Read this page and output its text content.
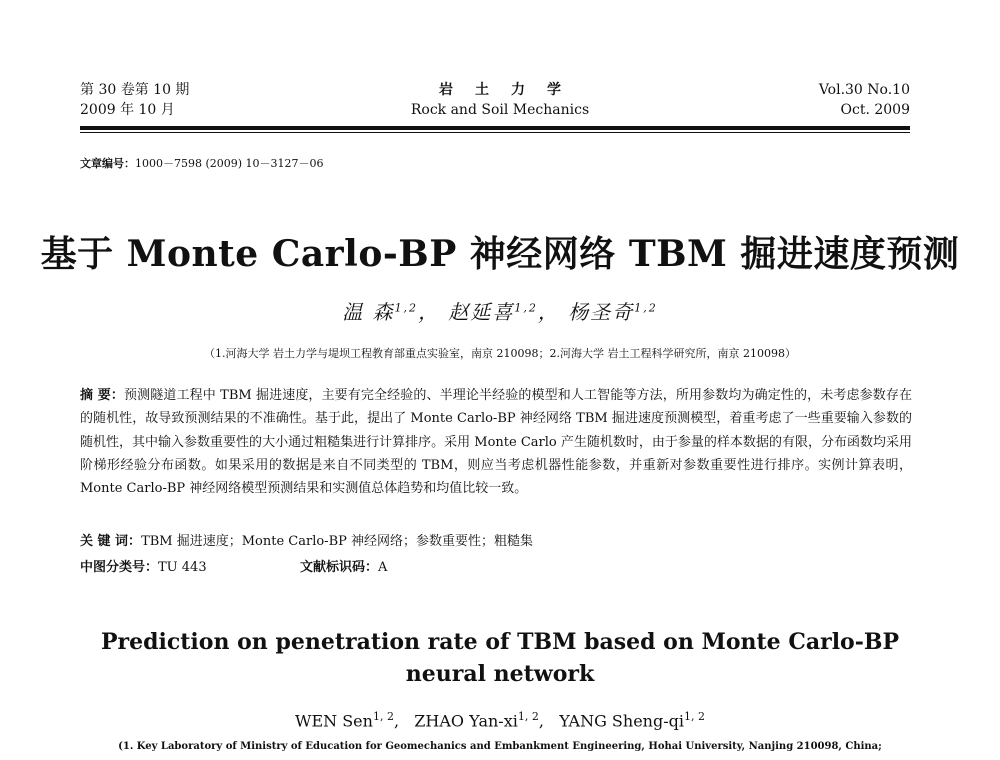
第 30 卷第 10 期
2009 年 10 月
岩土力学
Rock and Soil Mechanics
Vol.30 No.10
Oct. 2009
文章编号：1000－7598 (2009) 10－3127－06
基于 Monte Carlo-BP 神经网络 TBM 掘进速度预测
温 森$^{1,2}$， 赵延喜$^{1,2}$， 杨圣奇$^{1,2}$
（1.河海大学 岩土力学与堤坝工程教育部重点实验室，南京 210098；2.河海大学 岩土工程科学研究所，南京 210098）
摘 要：预测隧道工程中 TBM 掘进速度，主要有完全经验的、半理论半经验的模型和人工智能等方法，所用参数均为确定性的，未考虑参数存在的随机性，故导致预测结果的不准确性。基于此，提出了 Monte Carlo-BP 神经网络 TBM 掘进速度预测模型，着重考虑了一些重要输入参数的随机性，其中输入参数重要性的大小通过粗糙集进行计算排序。采用 Monte Carlo 产生随机数时，由于参量的样本数据的有限，分布函数均采用阶梯形经验分布函数。如果采用的数据是来自不同类型的 TBM，则应当考虑机器性能参数，并重新对参数重要性进行排序。实例计算表明，Monte Carlo-BP 神经网络模型预测结果和实测值总体趋势和均值比较一致。
关 键 词：TBM 掘进速度；Monte Carlo-BP 神经网络；参数重要性；粗糙集
中图分类号：TU 443	文献标识码：A
Prediction on penetration rate of TBM based on Monte Carlo-BP
neural network
WEN Sen$^{1, 2}$,   ZHAO Yan-xi$^{1, 2}$,   YANG Sheng-qi$^{1, 2}$
(1. Key Laboratory of Ministry of Education for Geomechanics and Embankment Engineering, Hohai University, Nanjing 210098, China;
